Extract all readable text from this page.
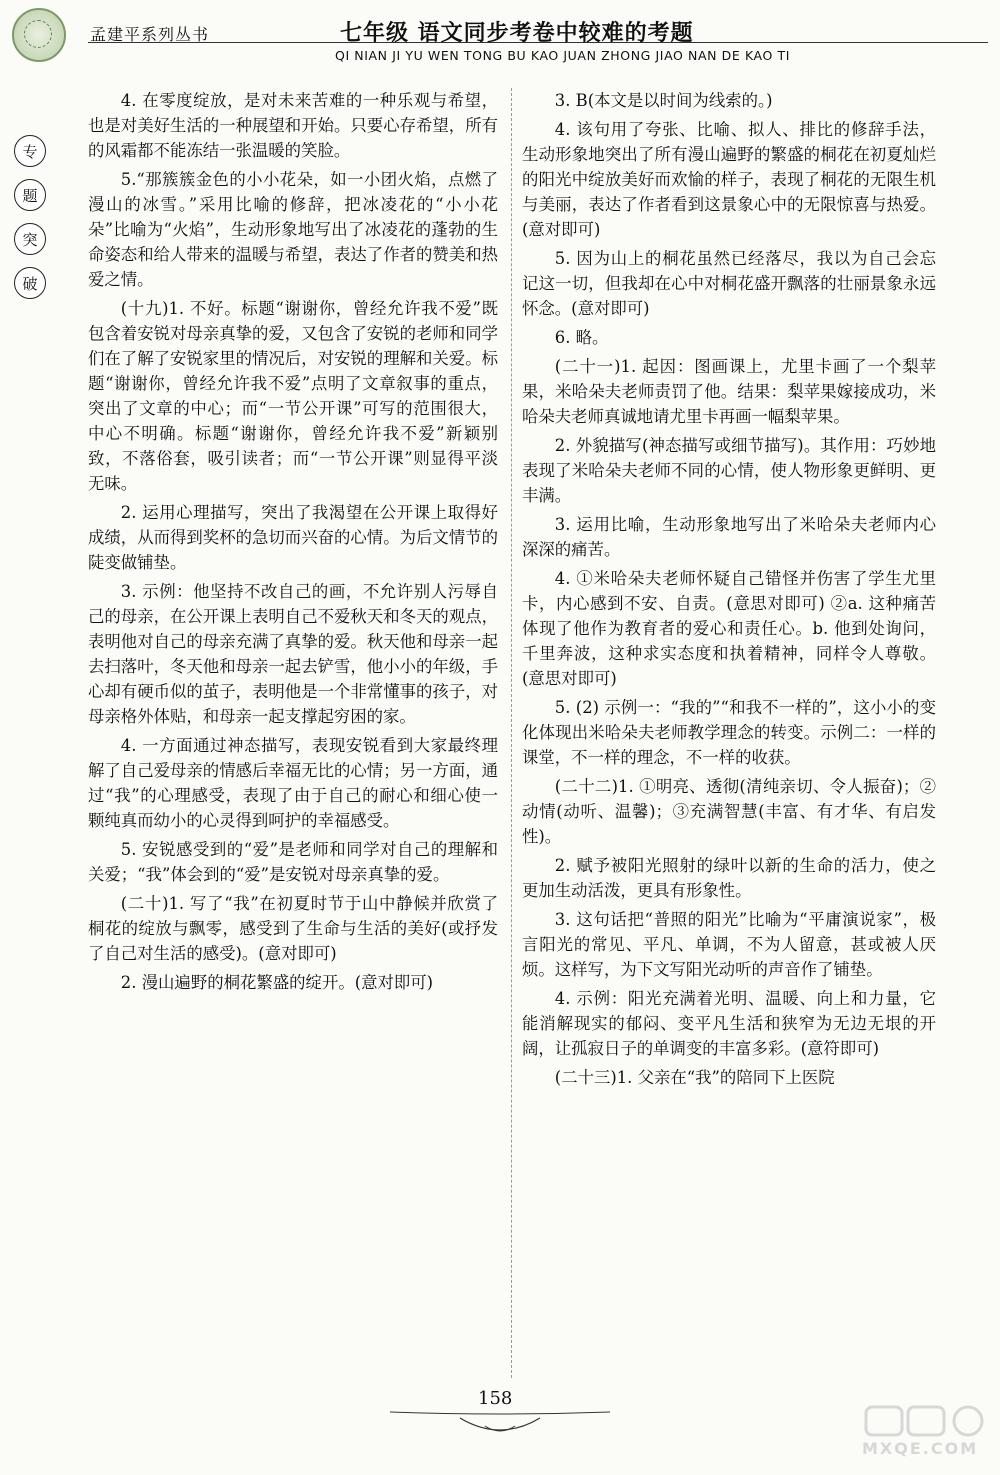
孟建平系列丛书	七年级 语文同步考卷中较难的考题
QI NIAN JI YU WEN TONG BU KAO JUAN ZHONG JIAO NAN DE KAO TI
专
题
突
破

4. 在零度绽放，是对未来苦难的一种乐观与希望，也是对美好生活的一种展望和开始。只要心存希望，所有的风霜都不能冻结一张温暖的笑脸。

5.“那簇簇金色的小小花朵，如一小团火焰，点燃了漫山的冰雪。”采用比喻的修辞，把冰凌花的“小小花朵”比喻为“火焰”，生动形象地写出了冰凌花的蓬勃的生命姿态和给人带来的温暖与希望，表达了作者的赞美和热爱之情。

(十九)1. 不好。标题“谢谢你，曾经允许我不爱”既包含着安锐对母亲真挚的爱，又包含了安锐的老师和同学们在了解了安锐家里的情况后，对安锐的理解和关爱。标题“谢谢你，曾经允许我不爱”点明了文章叙事的重点，突出了文章的中心；而“一节公开课”可写的范围很大，中心不明确。标题“谢谢你，曾经允许我不爱”新颖别致，不落俗套，吸引读者；而“一节公开课”则显得平淡无味。

2. 运用心理描写，突出了我渴望在公开课上取得好成绩，从而得到奖杯的急切而兴奋的心情。为后文情节的陡变做铺垫。

3. 示例：他坚持不改自己的画，不允许别人污辱自己的母亲，在公开课上表明自己不爱秋天和冬天的观点，表明他对自己的母亲充满了真挚的爱。秋天他和母亲一起去扫落叶，冬天他和母亲一起去铲雪，他小小的年级，手心却有硬币似的茧子，表明他是一个非常懂事的孩子，对母亲格外体贴，和母亲一起支撑起穷困的家。

4. 一方面通过神态描写，表现安锐看到大家最终理解了自己爱母亲的情感后幸福无比的心情；另一方面，通过“我”的心理感受，表现了由于自己的耐心和细心使一颗纯真而幼小的心灵得到呵护的幸福感受。

5. 安锐感受到的“爱”是老师和同学对自己的理解和关爱；“我”体会到的“爱”是安锐对母亲真挚的爱。

(二十)1. 写了“我”在初夏时节于山中静候并欣赏了桐花的绽放与飘零，感受到了生命与生活的美好(或抒发了自己对生活的感受)。(意对即可)

2. 漫山遍野的桐花繁盛的绽开。(意对即可)

3. B(本文是以时间为线索的。)

4. 该句用了夸张、比喻、拟人、排比的修辞手法，生动形象地突出了所有漫山遍野的繁盛的桐花在初夏灿烂的阳光中绽放美好而欢愉的样子，表现了桐花的无限生机与美丽，表达了作者看到这景象心中的无限惊喜与热爱。(意对即可)

5. 因为山上的桐花虽然已经落尽，我以为自己会忘记这一切，但我却在心中对桐花盛开飘落的壮丽景象永远怀念。(意对即可)

6. 略。

(二十一)1. 起因：图画课上，尤里卡画了一个梨苹果，米哈朵夫老师责罚了他。结果：梨苹果嫁接成功，米哈朵夫老师真诚地请尤里卡再画一幅梨苹果。

2. 外貌描写(神态描写或细节描写)。其作用：巧妙地表现了米哈朵夫老师不同的心情，使人物形象更鲜明、更丰满。

3. 运用比喻，生动形象地写出了米哈朵夫老师内心深深的痛苦。

4. ①米哈朵夫老师怀疑自己错怪并伤害了学生尤里卡，内心感到不安、自责。(意思对即可) ②a. 这种痛苦体现了他作为教育者的爱心和责任心。b. 他到处询问，千里奔波，这种求实态度和执着精神，同样令人尊敬。(意思对即可)

5. (2) 示例一：“我的”“和我不一样的”，这小小的变化体现出米哈朵夫老师教学理念的转变。示例二：一样的课堂，不一样的理念，不一样的收获。

(二十二)1. ①明亮、透彻(清纯亲切、令人振奋)；②动情(动听、温馨)；③充满智慧(丰富、有才华、有启发性)。

2. 赋予被阳光照射的绿叶以新的生命的活力，使之更加生动活泼，更具有形象性。

3. 这句话把“普照的阳光”比喻为“平庸演说家”，极言阳光的常见、平凡、单调，不为人留意，甚或被人厌烦。这样写，为下文写阳光动听的声音作了铺垫。

4. 示例：阳光充满着光明、温暖、向上和力量，它能消解现实的郁闷、变平凡生活和狭窄为无边无垠的开阔，让孤寂日子的单调变的丰富多彩。(意符即可)

(二十三)1. 父亲在“我”的陪同下上医院

158
MXQE.COM
